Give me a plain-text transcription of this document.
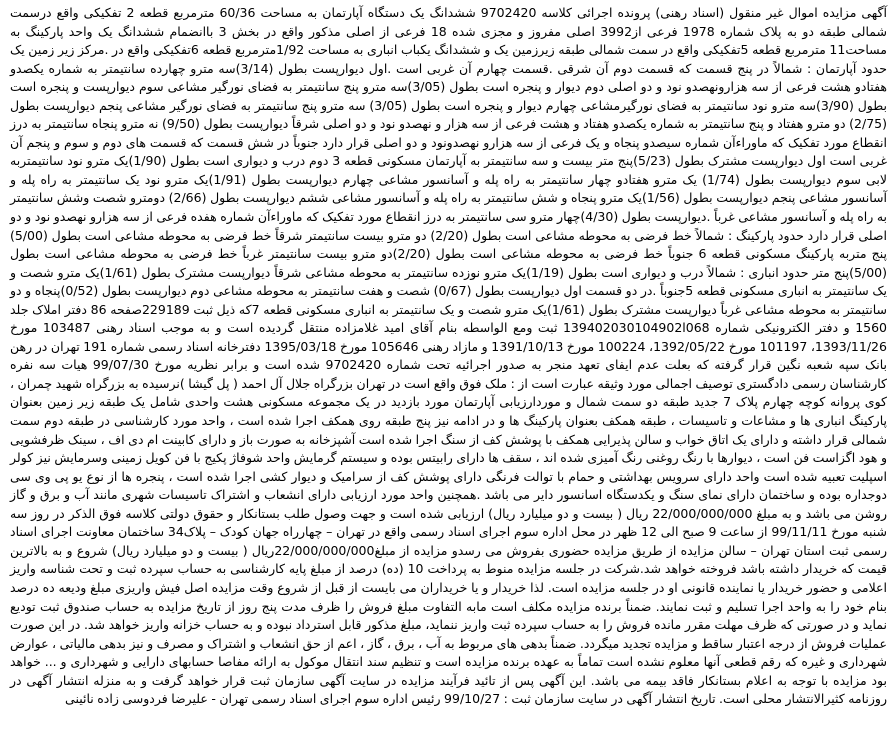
آگهی مزایده اموال غیر منقول (اسناد رهنی) پرونده اجرائی کلاسه 9702420 ششدانگ یک دستگاه آپارتمان به مساحت 60/36 مترمربع قطعه 2 تفکیکی واقع درسمت شمالی طبقه دو به پلاک شماره 1978 فرعی از3992 اصلی مفروز و مجزی شده 18 فرعی از اصلی مذکور واقع در بخش 3 باانضمام ششدانگ یک واحد پارکینگ به مساحت11 مترمربع قطعه 5تفکیکی واقع در سمت شمالی طبقه زیرزمین یک و ششدانگ یکباب انباری به مساحت 1/92مترمربع قطعه 6تفکیکی واقع در .مرکز زیر زمین یک حدود آپارتمان : شمالاً در پنج قسمت که قسمت دوم آن شرقی .قسمت چهارم آن غربی است .اول دیوارپست بطول (3/14)سه مترو چهارده سانتیمتر به شماره یکصدو هفتادو هشت فرعی از سه هزارونهصدو نود و دو اصلی دوم دیوار و پنجره است بطول (3/05)سه مترو پنج سانتیمتر به فضای نورگیر مشاعی سوم دیوارپست و پنجره است بطول (3/90)سه مترو نود سانتیمتر به فضای نورگیرمشاعی چهارم دیوار و پنجره است بطول (3/05) سه مترو پنج سانتیمتر به فضای نورگیر مشاعی پنجم دیوارپست بطول (2/75) دو مترو هفتاد و پنج سانتیمتر به شماره یکصدو هفتاد و هشت فرعی از سه هزار و نهصدو نود و دو اصلی شرقاً دیوارپست بطول (9/50) نه مترو پنجاه سانتیمتر به درز انقطاع مورد تفکیک که ماوراءآن شماره سیصدو پنجاه و یک فرعی از سه هزارو نهصدونود و دو اصلی قرار دارد جنوباً در شش قسمت که قسمت های دوم و سوم و پنجم آن غربی است اول دیوارپست مشترک بطول (5/23)پنج متر بیست و سه سانتیمتر به آپارتمان مسکونی قطعه 3 دوم درب و دیواری است بطول (1/90)یک مترو نود سانتیمتربه لابی سوم دیوارپست بطول (1/74) یک مترو هفتادو چهار سانتیمتر به راه پله و آسانسور مشاعی چهارم دیوارپست بطول (1/91)یک مترو نود یک سانتیمتر به راه پله و آسانسور مشاعی پنجم دیوارپست بطول (1/56)یک مترو پنجاه و شش سانتیمتر به راه پله و آسانسور مشاعی ششم دیوارپست بطول (2/66) دومترو شصت وشش سانتیمتر به راه پله و آسانسور مشاعی غرباً .دیوارپست بطول (4/30)چهار مترو سی سانتیمتر به درز انقطاع مورد تفکیک که ماوراءآن شماره هفده فرعی از سه هزارو نهصدو نود و دو اصلی قرار دارد حدود پارکینگ : شمالاً خط فرضی به محوطه مشاعی است بطول (2/20) دو مترو بیست سانتیمتر شرقاً خط فرضی به محوطه مشاعی است بطول (5/00) پنج متربه پارکینگ مسکونی قطعه 6 جنوباً خط فرضی به محوطه مشاعی است بطول (2/20)دو مترو بیست سانتیمتر غرباً خط فرضی به محوطه مشاعی است بطول (5/00)پنج متر حدود انباری : شمالاً درب و دیواری است بطول (1/19)یک مترو نوزده سانتیمتر به محوطه مشاعی شرقاً دیوارپست مشترک بطول (1/61)یک مترو شصت و یک سانتیمتر به انباری مسکونی قطعه 5جنوباً .در دو قسمت اول دیوارپست بطول (0/67) شصت و هفت سانتیمتر به محوطه مشاعی دوم دیوارپست بطول (0/52)پنجاه و دو سانتیمتر به محوطه مشاعی غرباً دیوارپست مشترک بطول (1/61)یک مترو شصت و یک سانتیمتر به انباری مسکونی قطعه 7که ذیل ثبت 229189صفحه 86 دفتر املاک جلد 1560 و دفتر الکترونیکی شماره 139402030104902l068 ثبت ومع الواسطه بنام آقای امید غلامزاده منتقل گردیده است و به موجب اسناد رهنی 103487 مورخ 1393/11/26، 101197 مورخ 1392/05/22، 100224 مورخ 1391/10/13 و مازاد رهنی 105646 مورخ 1395/03/18 دفترخانه اسناد رسمی شماره 191 تهران در رهن بانک سپه شعبه نگین قرار گرفته که بعلت عدم ایفای تعهد منجر به صدور اجرائیه تحت شماره 9702420 شده است و برابر نظریه مورخ 99/07/30 هیات سه نفره کارشناسان رسمی دادگستری توصیف اجمالی مورد وثیقه عبارت است از : ملک فوق واقع است در تهران بزرگراه جلال آل احمد ( پل گیشا )نرسیده به بزرگراه شهید چمران ، کوی پروانه کوچه چهارم پلاک 7 جدید طبقه دو سمت شمال و موردارزیابی آپارتمان مورد بازدید در یک مجموعه مسکونی هشت واحدی شامل یک طبقه زیر زمین بعنوان پارکینگ انباری ها و مشاعات و تاسیسات ، طبقه همکف بعنوان پارکینگ ها و در ادامه نیز پنج طبقه روی همکف اجرا شده است ، واحد مورد کارشناسی در طبقه دوم سمت شمالی قرار داشته و دارای یک اتاق خواب و سالن پذیرایی همکف با پوشش کف از سنگ اجرا شده است آشپزخانه به صورت باز و دارای کابینت ام دی اف ، سینک ظرفشویی و هود اگزاست فن است ، دیوارها با رنگ روغنی رنگ آمیزی شده اند ، سقف ها دارای رابیتس بوده و سیستم گرمایش واحد شوفاژ پکیج با فن کویل زمینی وسرمایش نیز کولر اسپلیت تعبیه شده است واحد دارای سرویس بهداشتی و حمام با توالت فرنگی دارای پوشش کف از سرامیک و دیوار کشی اجرا شده است ، پنجره ها از نوع یو پی وی سی دوجداره بوده و ساختمان دارای نمای سنگ و یکدستگاه اسانسور دایر می باشد .همچنین واحد مورد ارزیابی دارای انشعاب و اشتراک تاسیسات شهری مانند آب و برق و گاز روشن می باشد و به مبلغ 22/000/000/000 ریال ( بیست و دو میلیارد ریال) ارزیابی شده است و جهت وصول طلب بستانکار و حقوق دولتی کلاسه فوق الذکر در روز سه شنبه مورخ 99/11/11 از ساعت 9 صبح الی 12 ظهر در محل اداره سوم اجرای اسناد رسمی واقع در تهران – چهارراه جهان کودک – پلاک34 ساختمان معاونت اجرای اسناد رسمی ثبت استان تهران – سالن مزایده از طریق مزایده حضوری بفروش می رسدو مزایده از مبلغ22/000/000/000ریال ( بیست و دو میلیارد ریال) شروع و به بالاترین قیمت که خریدار داشته باشد فروخته خواهد شد.شرکت در جلسه مزایده منوط به پرداخت 10 (ده) درصد از مبلغ پایه کارشناسی به حساب سپرده ثبت و تحت شناسه واریز اعلامی و حضور خریدار یا نماینده قانونی او در جلسه مزایده است. لذا خریدار و یا خریداران می بایست از قبل از شروع وقت مزایده اصل فیش واریزی مبلغ ودیعه ده درصد بنام خود را به واحد اجرا تسلیم و ثبت نمایند. ضمناً برنده مزایده مکلف است مابه التفاوت مبلغ فروش را ظرف مدت پنج روز از تاریخ مزایده به حساب صندوق ثبت تودیع نماید و در صورتی که ظرف مهلت مقرر مانده فروش را به حساب سپرده ثبت واریز ننماید، مبلغ مذکور قابل استرداد نبوده و به حساب خزانه واریز خواهد شد. در این صورت عملیات فروش از درجه اعتبار ساقط و مزایده تجدید میگردد. ضمناً بدهی های مربوط به آب ، برق ، گاز ، اعم از حق انشعاب و اشتراک و مصرف و نیز بدهی مالیاتی ، عوارض شهرداری و غیره که رقم قطعی آنها معلوم نشده است تماماً به عهده برنده مزایده است و تنظیم سند انتقال موکول به ارائه مفاصا حسابهای دارایی و شهرداری و ... خواهد بود مزایده با توجه به اعلام بستانکار فاقد بیمه می باشد. این آگهی پس از تائید فرآیند مزایده در سایت آگهی سازمان ثبت قرار خواهد گرفت و به منزله انتشار آگهی در روزنامه کثیرالانتشار محلی است. تاریخ انتشار آگهی در سایت سازمان ثبت : 99/10/27 رئیس اداره سوم اجرای اسناد رسمی تهران - علیرضا فردوسی زاده نائینی
